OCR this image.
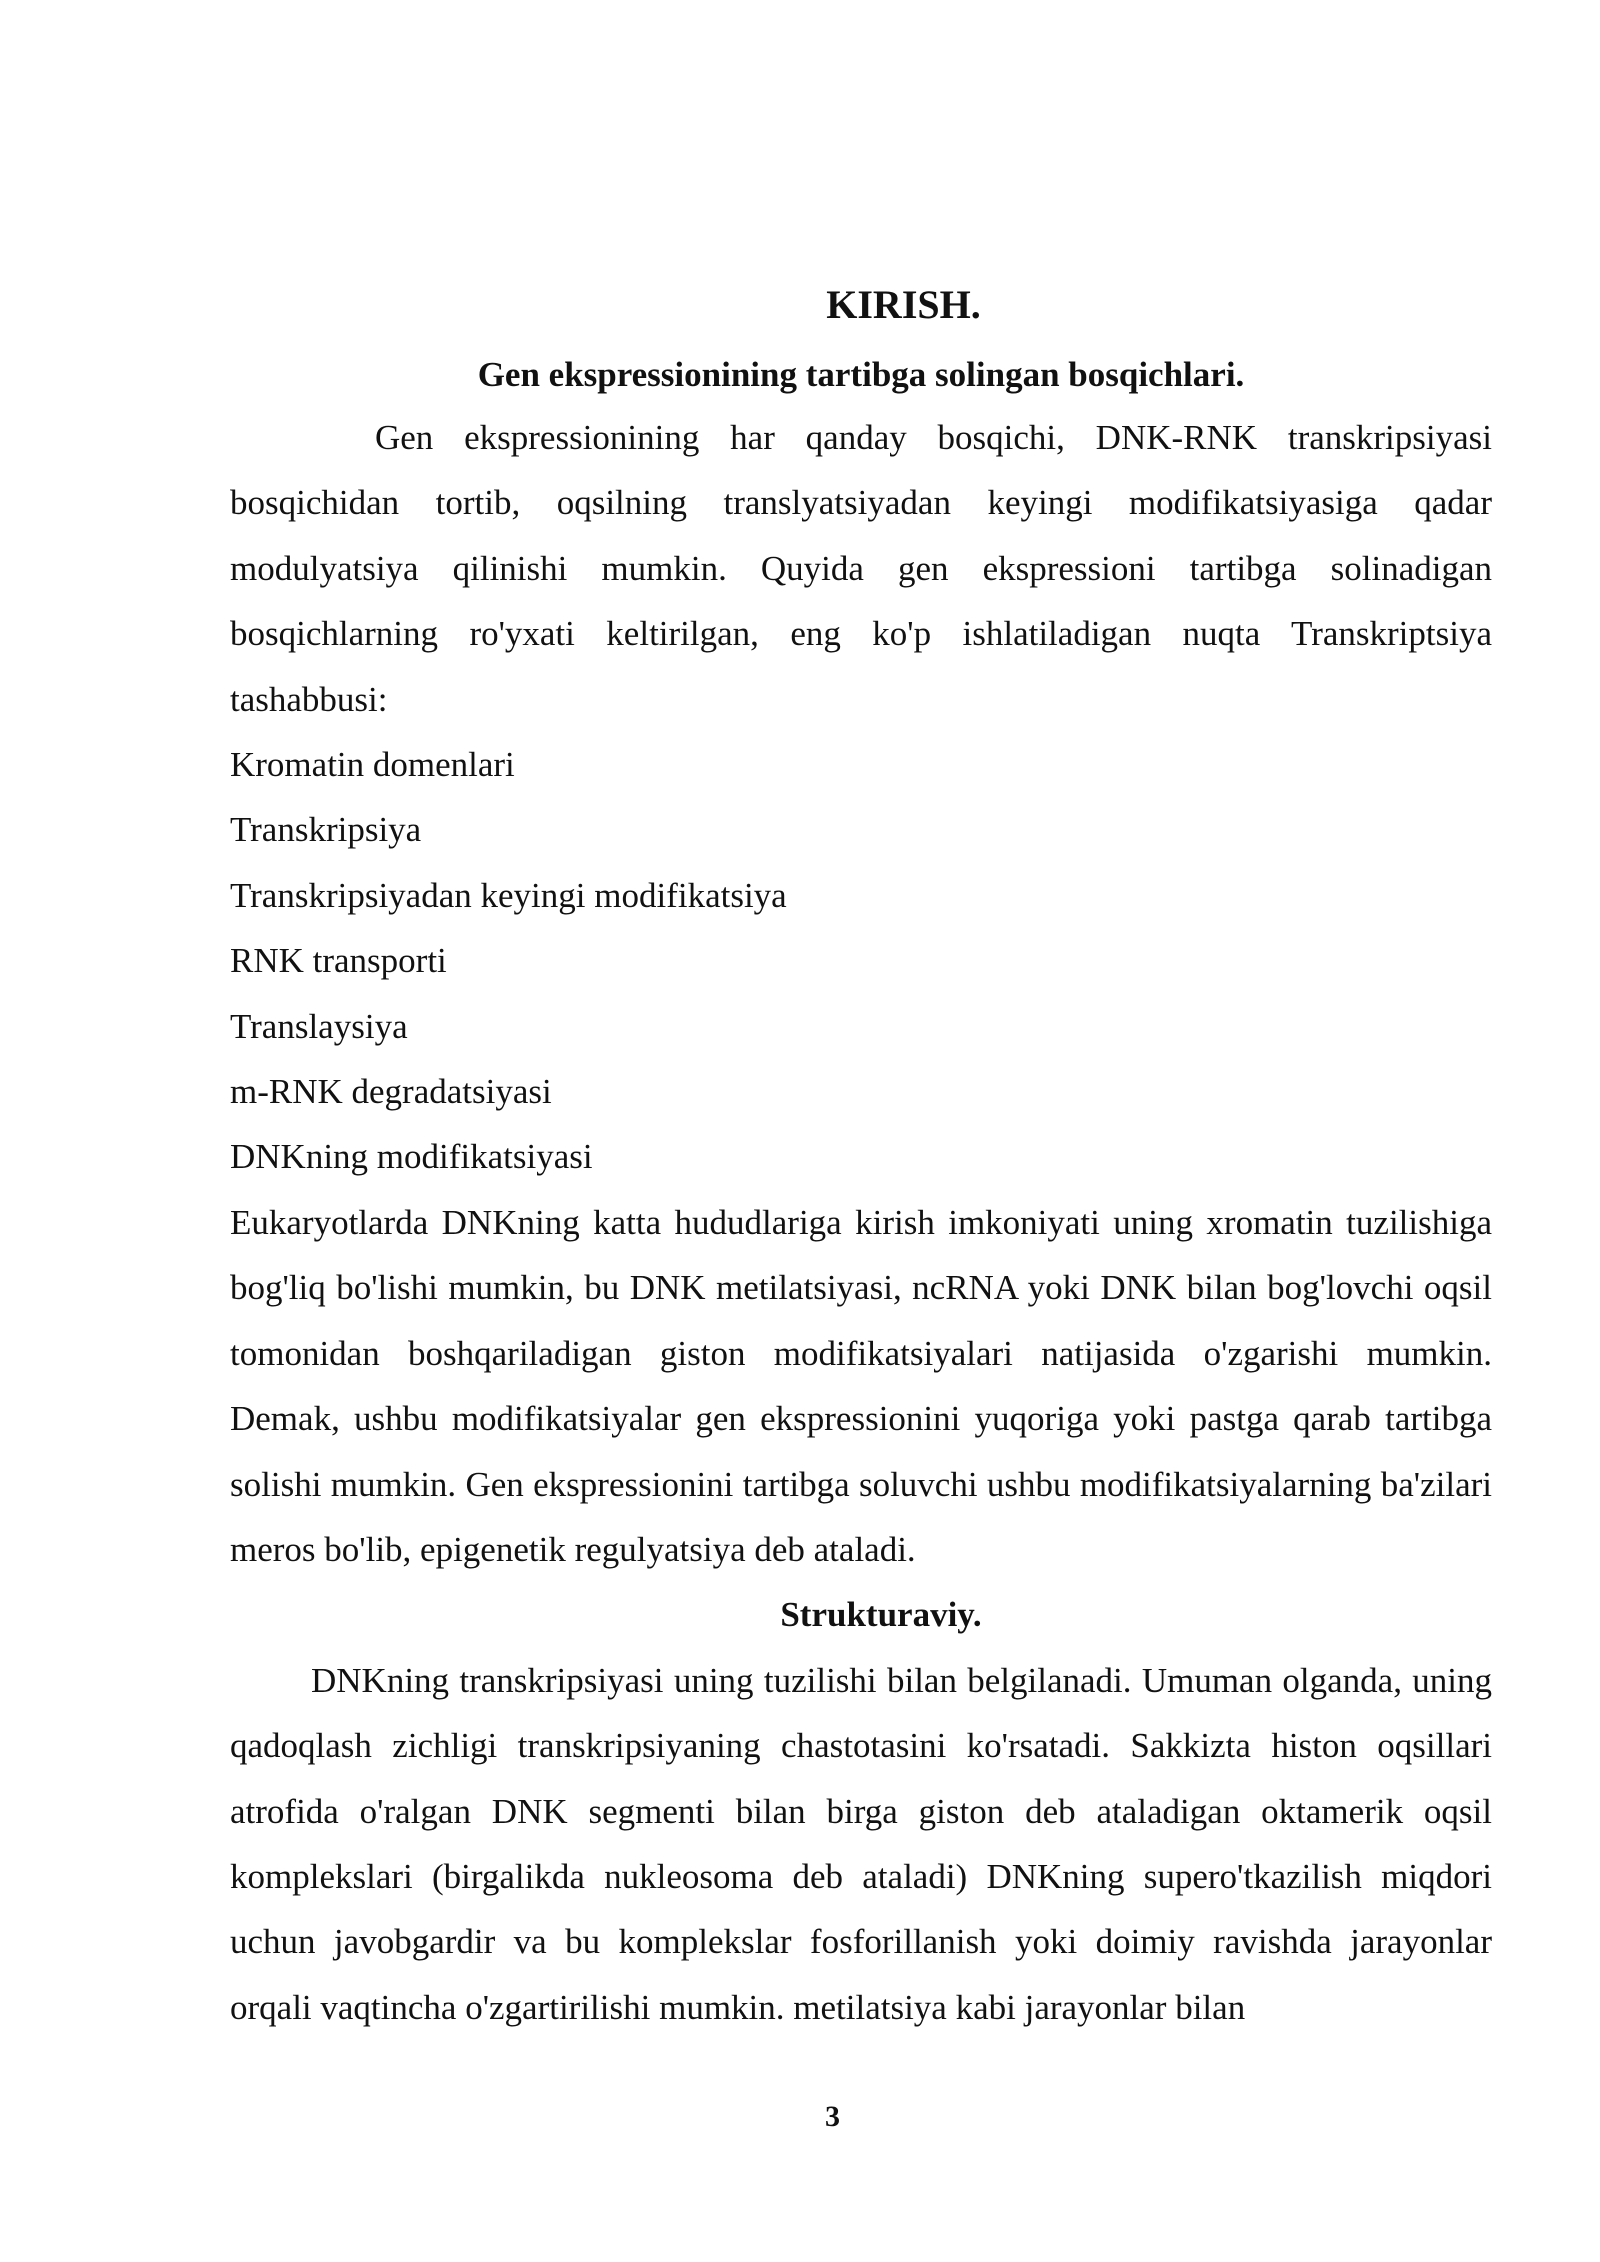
KIRISH.
Gen ekspressionining tartibga solingan bosqichlari.

Gen ekspressionining har qanday bosqichi, DNK-RNK transkripsiyasi bosqichidan tortib, oqsilning translyatsiyadan keyingi modifikatsiyasiga qadar modulyatsiya qilinishi mumkin. Quyida gen ekspressioni tartibga solinadigan bosqichlarning ro'yxati keltirilgan, eng ko'p ishlatiladigan nuqta Transkriptsiya tashabbusi:

Kromatin domenlari
Transkripsiya
Transkripsiyadan keyingi modifikatsiya
RNK transporti
Translaysiya
m-RNK degradatsiyasi
DNKning modifikatsiyasi

Eukaryotlarda DNKning katta hududlariga kirish imkoniyati uning xromatin tuzilishiga bog'liq bo'lishi mumkin, bu DNK metilatsiyasi, ncRNA yoki DNK bilan bog'lovchi oqsil tomonidan boshqariladigan giston modifikatsiyalari natijasida o'zgarishi mumkin. Demak, ushbu modifikatsiyalar gen ekspressionini yuqoriga yoki pastga qarab tartibga solishi mumkin. Gen ekspressionini tartibga soluvchi ushbu modifikatsiyalarning ba'zilari meros bo'lib, epigenetik regulyatsiya deb ataladi.

Strukturaviy.

DNKning transkripsiyasi uning tuzilishi bilan belgilanadi. Umuman olganda, uning qadoqlash zichligi transkripsiyaning chastotasini ko'rsatadi. Sakkizta histon oqsillari atrofida o'ralgan DNK segmenti bilan birga giston deb ataladigan oktamerik oqsil komplekslari (birgalikda nukleosoma deb ataladi) DNKning supero'tkazilish miqdori uchun javobgardir va bu komplekslar fosforillanish yoki doimiy ravishda jarayonlar orqali vaqtincha o'zgartirilishi mumkin. metilatsiya kabi jarayonlar bilan

3
